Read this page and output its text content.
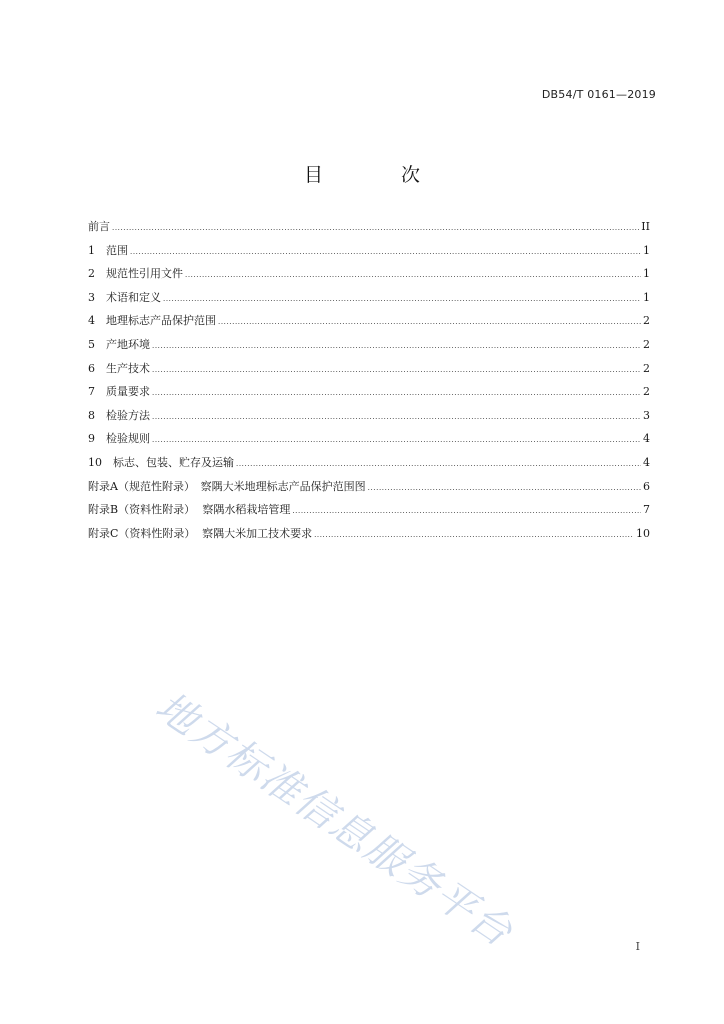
DB54/T 0161—2019
目 次
前言 .....	II
1	范围 .....	1
2	规范性引用文件 .....	1
3	术语和定义 .....	1
4	地理标志产品保护范围 .....	2
5	产地环境 .....	2
6	生产技术 .....	2
7	质量要求 .....	2
8	检验方法 .....	3
9	检验规则 .....	4
10	标志、包装、贮存及运输 .....	4
附录A（规范性附录） 察隅大米地理标志产品保护范围图 .....	6
附录B（资料性附录） 察隅水稻栽培管理 .....	7
附录C（资料性附录） 察隅大米加工技术要求 .....	10
地方标准信息服务平台	I
